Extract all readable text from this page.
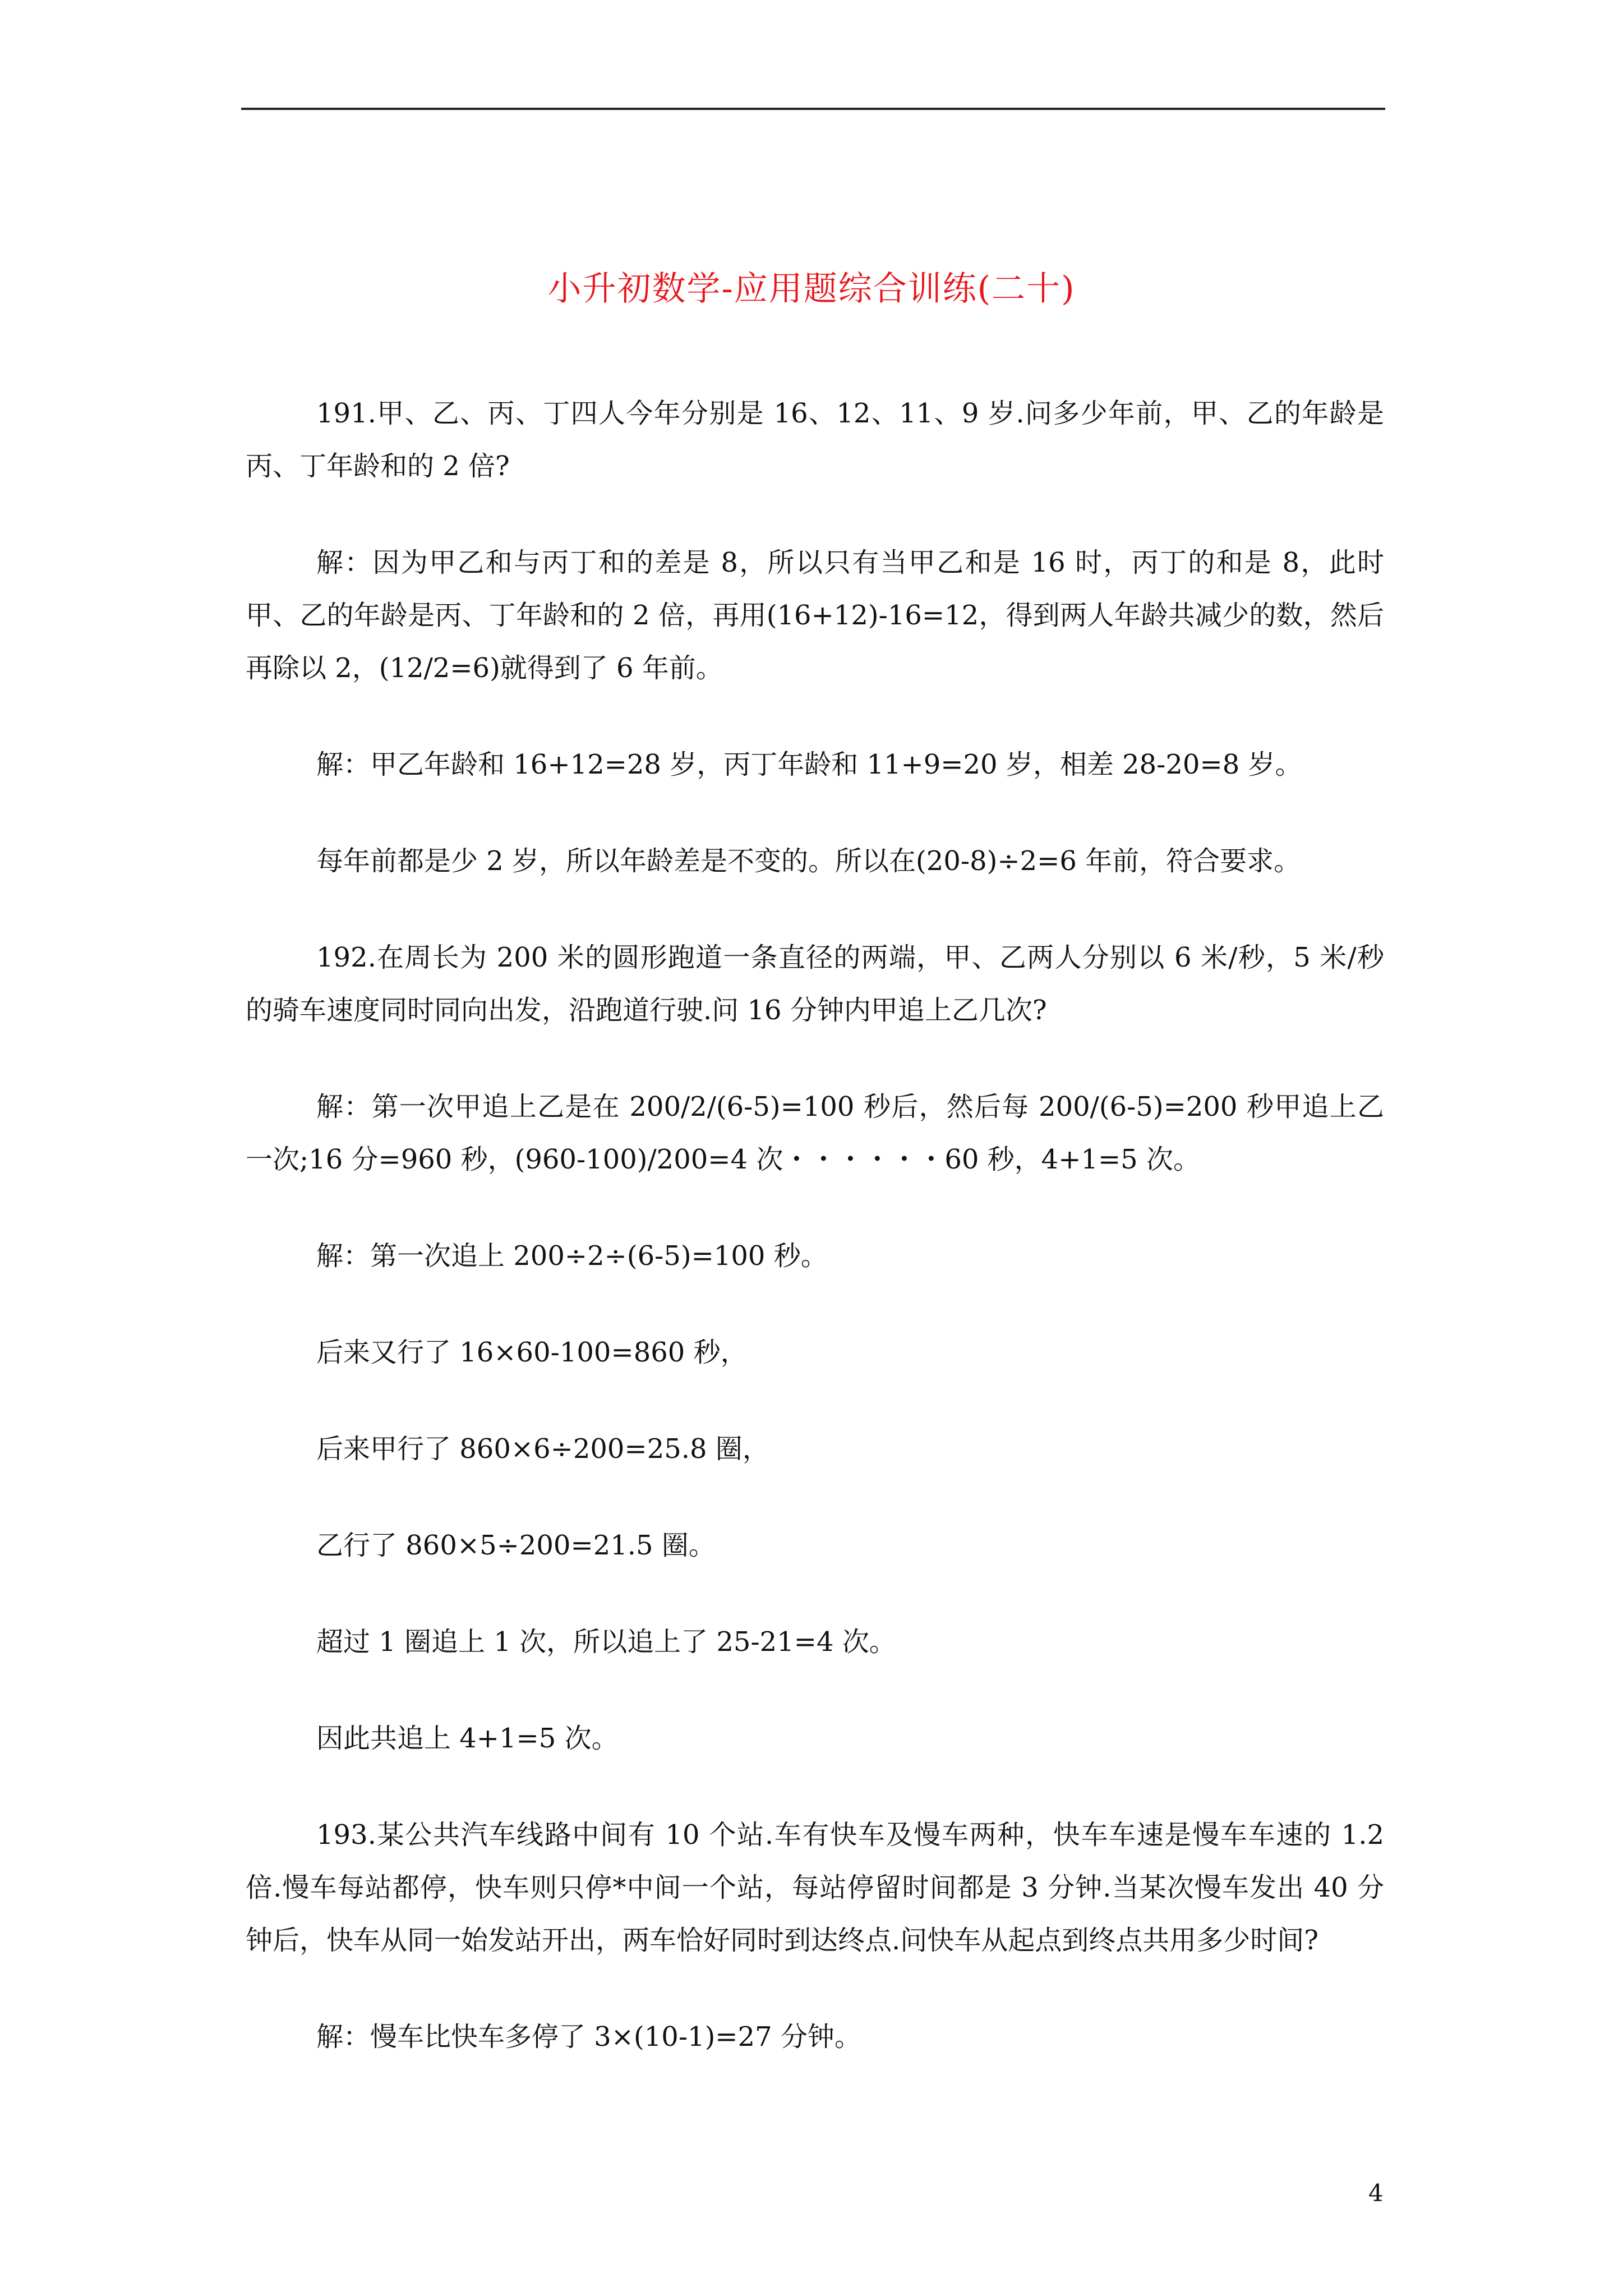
小升初数学-应用题综合训练(二十)

191.甲、乙、丙、丁四人今年分别是 16、12、11、9 岁.问多少年前，甲、乙的年龄是丙、丁年龄和的 2 倍?

解：因为甲乙和与丙丁和的差是 8，所以只有当甲乙和是 16 时，丙丁的和是 8，此时甲、乙的年龄是丙、丁年龄和的 2 倍，再用(16+12)-16=12，得到两人年龄共减少的数，然后再除以 2，(12/2=6)就得到了 6 年前。

解：甲乙年龄和 16+12=28 岁，丙丁年龄和 11+9=20 岁，相差 28-20=8 岁。

每年前都是少 2 岁，所以年龄差是不变的。所以在(20-8)÷2=6 年前，符合要求。

192.在周长为 200 米的圆形跑道一条直径的两端，甲、乙两人分别以 6 米/秒，5 米/秒的骑车速度同时同向出发，沿跑道行驶.问 16 分钟内甲追上乙几次?

解：第一次甲追上乙是在 200/2/(6-5)=100 秒后，然后每 200/(6-5)=200 秒甲追上乙一次;16 分=960 秒，(960-100)/200=4 次・・・・・・60 秒，4+1=5 次。

解：第一次追上 200÷2÷(6-5)=100 秒。

后来又行了 16×60-100=860 秒，

后来甲行了 860×6÷200=25.8 圈，

乙行了 860×5÷200=21.5 圈。

超过 1 圈追上 1 次，所以追上了 25-21=4 次。

因此共追上 4+1=5 次。

193.某公共汽车线路中间有 10 个站.车有快车及慢车两种，快车车速是慢车车速的 1.2 倍.慢车每站都停，快车则只停*中间一个站，每站停留时间都是 3 分钟.当某次慢车发出 40 分钟后，快车从同一始发站开出，两车恰好同时到达终点.问快车从起点到终点共用多少时间?

解：慢车比快车多停了 3×(10-1)=27 分钟。

4
